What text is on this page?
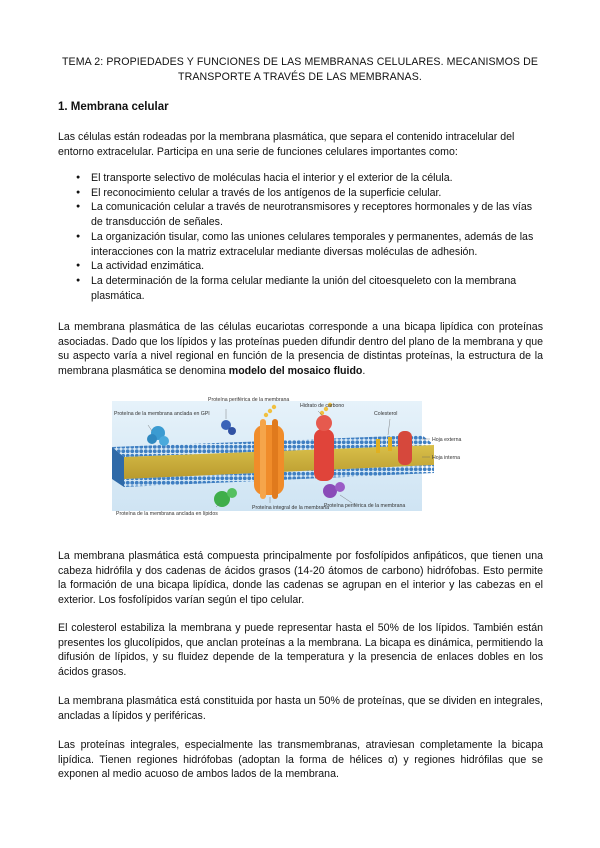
TEMA 2: PROPIEDADES Y FUNCIONES DE LAS MEMBRANAS CELULARES. MECANISMOS DE TRANSPORTE A TRAVÉS DE LAS MEMBRANAS.
1. Membrana celular
Las células están rodeadas por la membrana plasmática, que separa el contenido intracelular del entorno extracelular. Participa en una serie de funciones celulares importantes como:
● El transporte selectivo de moléculas hacia el interior y el exterior de la célula.
● El reconocimiento celular a través de los antígenos de la superficie celular.
● La comunicación celular a través de neurotransmisores y receptores hormonales y de las vías de transducción de señales.
● La organización tisular, como las uniones celulares temporales y permanentes, además de las interacciones con la matriz extracelular mediante diversas moléculas de adhesión.
● La actividad enzimática.
● La determinación de la forma celular mediante la unión del citoesqueleto con la membrana plasmática.
La membrana plasmática de las células eucariotas corresponde a una bicapa lipídica con proteínas asociadas. Dado que los lípidos y las proteínas pueden difundir dentro del plano de la membrana y que su aspecto varía a nivel regional en función de la presencia de distintas proteínas, la estructura de la membrana plasmática se denomina modelo del mosaico fluido.
Proteína de la membrana anclada en GPI
Proteína periférica de la membrana
Hidrato de carbono
Colesterol
Hoja externa
Hoja interna
Proteína de la membrana anclada en lípidos
Proteína integral de la membrana
Proteína periférica de la membrana
La membrana plasmática está compuesta principalmente por fosfolípidos anfipáticos, que tienen una cabeza hidrófila y dos cadenas de ácidos grasos (14-20 átomos de carbono) hidrófobas. Esto permite la formación de una bicapa lipídica, donde las cadenas se agrupan en el interior y las cabezas en el exterior. Los fosfolípidos varían según el tipo celular.
El colesterol estabiliza la membrana y puede representar hasta el 50% de los lípidos. También están presentes los glucolípidos, que anclan proteínas a la membrana. La bicapa es dinámica, permitiendo la difusión de lípidos, y su fluidez depende de la temperatura y la presencia de enlaces dobles en los ácidos grasos.
La membrana plasmática está constituida por hasta un 50% de proteínas, que se dividen en integrales, ancladas a lípidos y periféricas.
Las proteínas integrales, especialmente las transmembranas, atraviesan completamente la bicapa lipídica. Tienen regiones hidrófobas (adoptan la forma de hélices α) y regiones hidrófilas que se exponen al medio acuoso de ambos lados de la membrana.
